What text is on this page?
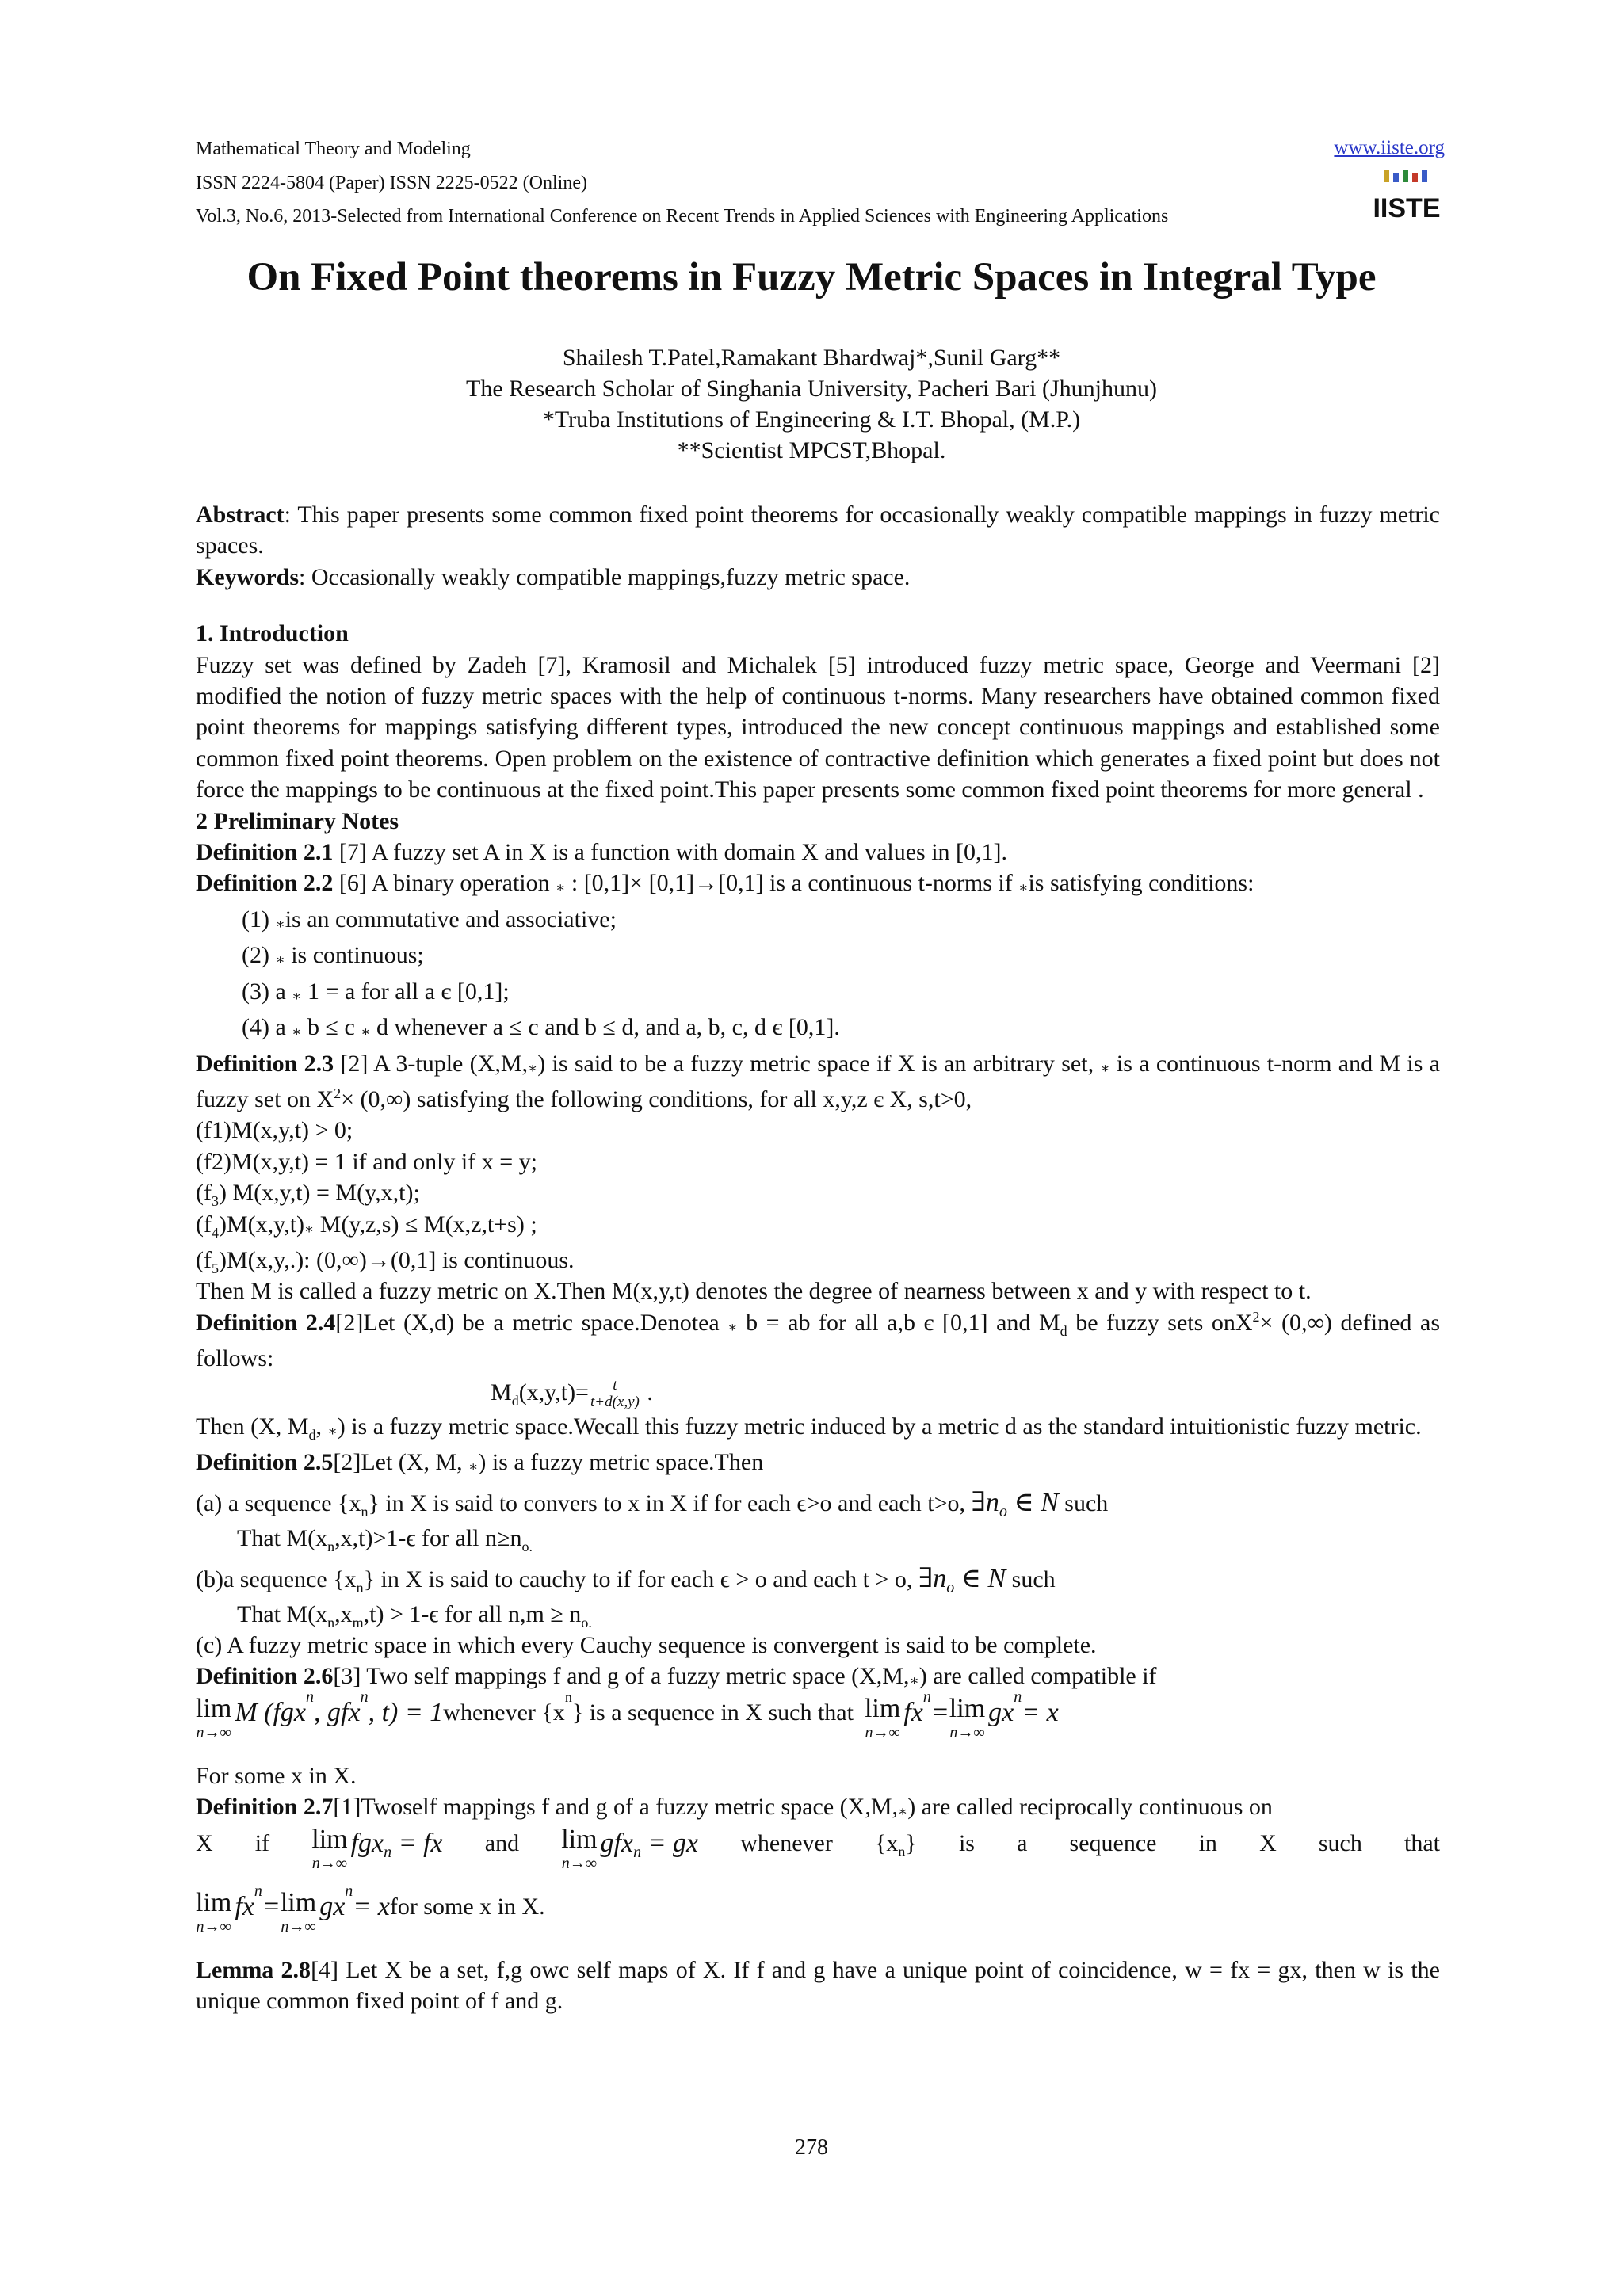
Mathematical Theory and Modeling	www.iiste.org
ISSN 2224-5804 (Paper) ISSN 2225-0522 (Online)
Vol.3, No.6, 2013-Selected from International Conference on Recent Trends in Applied Sciences with Engineering Applications	IISTE
On Fixed Point theorems in Fuzzy Metric Spaces in Integral Type
Shailesh T.Patel,Ramakant Bhardwaj*,Sunil Garg**
The Research Scholar of Singhania University, Pacheri Bari (Jhunjhunu)
*Truba Institutions of Engineering & I.T. Bhopal, (M.P.)
**Scientist MPCST,Bhopal.

Abstract: This paper presents some common fixed point theorems for occasionally weakly compatible mappings in fuzzy metric spaces.

Keywords: Occasionally weakly compatible mappings,fuzzy metric space.

1. Introduction

Fuzzy set was defined by Zadeh [7], Kramosil and Michalek [5] introduced fuzzy metric space, George and Veermani [2] modified the notion of fuzzy metric spaces with the help of continuous t-norms. Many researchers have obtained common fixed point theorems for mappings satisfying different types, introduced the new concept continuous mappings and established some common fixed point theorems. Open problem on the existence of contractive definition which generates a fixed point but does not force the mappings to be continuous at the fixed point.This paper presents some common fixed point theorems for more general .

2 Preliminary Notes

Definition 2.1 [7] A fuzzy set A in X is a function with domain X and values in [0,1].

Definition 2.2 [6] A binary operation ∗ : [0,1]× [0,1]→[0,1] is a continuous t-norms if ∗is satisfying conditions:

(1) ∗is an commutative and associative;

(2) ∗ is continuous;

(3) a ∗ 1 = a for all a є [0,1];

(4) a ∗ b ≤ c ∗ d whenever a ≤ c and b ≤ d, and a, b, c, d є [0,1].

Definition 2.3 [2] A 3-tuple (X,M,∗) is said to be a fuzzy metric space if X is an arbitrary set, ∗ is a continuous t-norm and M is a fuzzy set on $X^2\times (0,\infty)$ satisfying the following conditions, for all x,y,z є X, s,t>0,

(f1)M(x,y,t) > 0;

(f2)M(x,y,t) = 1 if and only if x = y;

$(f_3) M(x,y,t) = M(y,x,t)$;

$(f_4)M(x,y,t)∗$ M(y,z,s) ≤ M(x,z,t+s) ;

$(f_5)M(x,y,.)$: (0,∞)→(0,1] is continuous.

Then M is called a fuzzy metric on X.Then M(x,y,t) denotes the degree of nearness between x and y with respect to t.

Definition 2.4[2]Let (X,d) be a metric space.Denotea ∗ b = ab for all a,b є [0,1] and $M_d$ be fuzzy sets onX$^2$× (0,∞) defined as follows:

$M_d(x,y,t)= \frac{t}{t+d(x,y)}$ .

Then (X, $M_d$, ∗) is a fuzzy metric space.Wecall this fuzzy metric induced by a metric d as the standard intuitionistic fuzzy metric.

Definition 2.5[2]Let (X, M, ∗) is a fuzzy metric space.Then

(a) a sequence $\{x_n\}$ in X is said to convers to x in X if for each ϵ>o and each t>o, $\exists n_o$ ∈ N such

That $M(x_n,x,t)>1-\epsilon$ for all $n\ge n_{o.}$

(b)a sequence $\{x_n\}$ in X is said to cauchy to if for each ϵ > o and each t > o, $\exists n_o$ ∈ N such

That $M(x_n,x_m,t) > 1-\epsilon$ for all $n,m \ge n_{o.}$

(c) A fuzzy metric space in which every Cauchy sequence is convergent is said to be complete.

Definition 2.6[3] Two self mappings f and g of a fuzzy metric space (X,M,∗) are called compatible if

lim
n→∞
M (fgx
n
, gfx
n
, t) = 1 whenever {x
n
} is a sequence in X such that lim
n→∞
fx
n
= lim
n→∞
gx
n
= x

For some x in X.

Definition 2.7[1]Twoself mappings f and g of a fuzzy metric space (X,M,∗) are called reciprocally continuous on

X if lim
n→∞
fgx$_n$ = fx and lim
n→∞
gfx$_n$ = gx whenever $\{x_n\}$ is a sequence in X such that
lim
n→∞
fx
n
= lim
n→∞
gx
n
= x for some x in X.

Lemma 2.8[4] Let X be a set, f,g owc self maps of X. If f and g have a unique point of coincidence, w = fx = gx, then w is the unique common fixed point of f and g.

278
